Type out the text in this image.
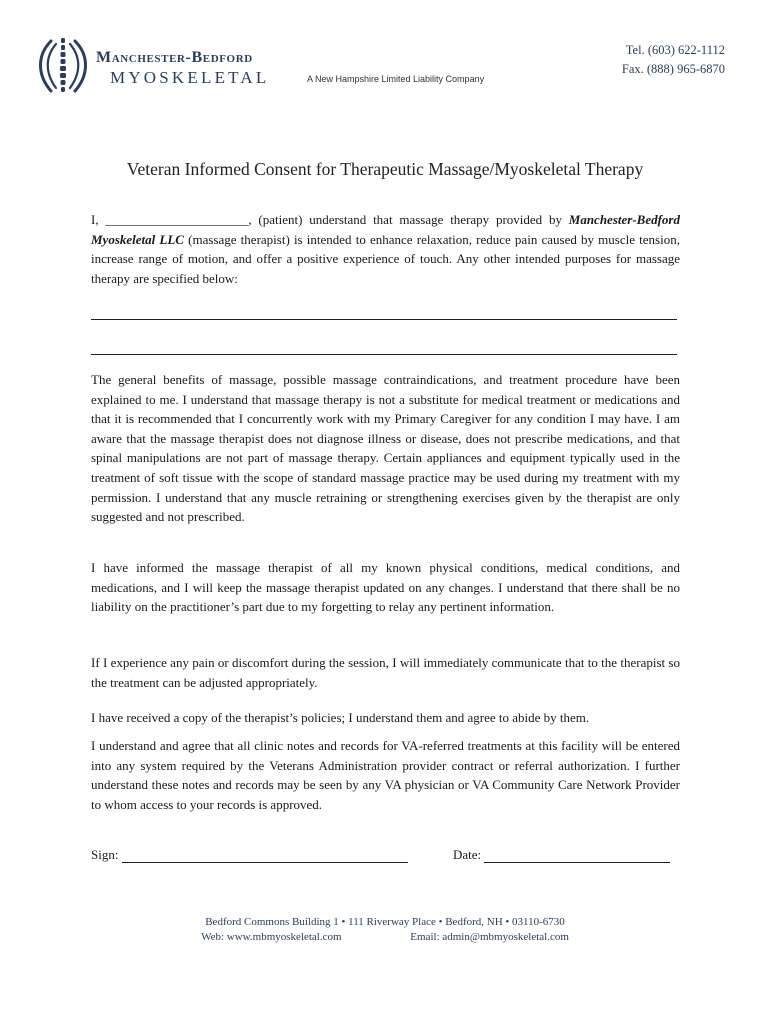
Manchester-Bedford
MYOSKELETAL	A New Hampshire Limited Liability Company
Tel. (603) 622-1112
Fax. (888) 965-6870
Veteran Informed Consent for Therapeutic Massage/Myoskeletal Therapy

I, ______________________, (patient) understand that massage therapy provided by Manchester-Bedford Myoskeletal LLC (massage therapist) is intended to enhance relaxation, reduce pain caused by muscle tension, increase range of motion, and offer a positive experience of touch. Any other intended purposes for massage therapy are specified below:

The general benefits of massage, possible massage contraindications, and treatment procedure have been explained to me. I understand that massage therapy is not a substitute for medical treatment or medications and that it is recommended that I concurrently work with my Primary Caregiver for any condition I may have. I am aware that the massage therapist does not diagnose illness or disease, does not prescribe medications, and that spinal manipulations are not part of massage therapy. Certain appliances and equipment typically used in the treatment of soft tissue with the scope of standard massage practice may be used during my treatment with my permission. I understand that any muscle retraining or strengthening exercises given by the therapist are only suggested and not prescribed.

I have informed the massage therapist of all my known physical conditions, medical conditions, and medications, and I will keep the massage therapist updated on any changes. I understand that there shall be no liability on the practitioner’s part due to my forgetting to relay any pertinent information.

If I experience any pain or discomfort during the session, I will immediately communicate that to the therapist so the treatment can be adjusted appropriately.

I have received a copy of the therapist’s policies; I understand them and agree to abide by them.

I understand and agree that all clinic notes and records for VA-referred treatments at this facility will be entered into any system required by the Veterans Administration provider contract or referral authorization. I further understand these notes and records may be seen by any VA physician or VA Community Care Network Provider to whom access to your records is approved.

Sign:	Date:
Bedford Commons Building 1 • 111 Riverway Place • Bedford, NH • 03110-6730
Web: www.mbmyoskeletal.com	Email: admin@mbmyoskeletal.com
